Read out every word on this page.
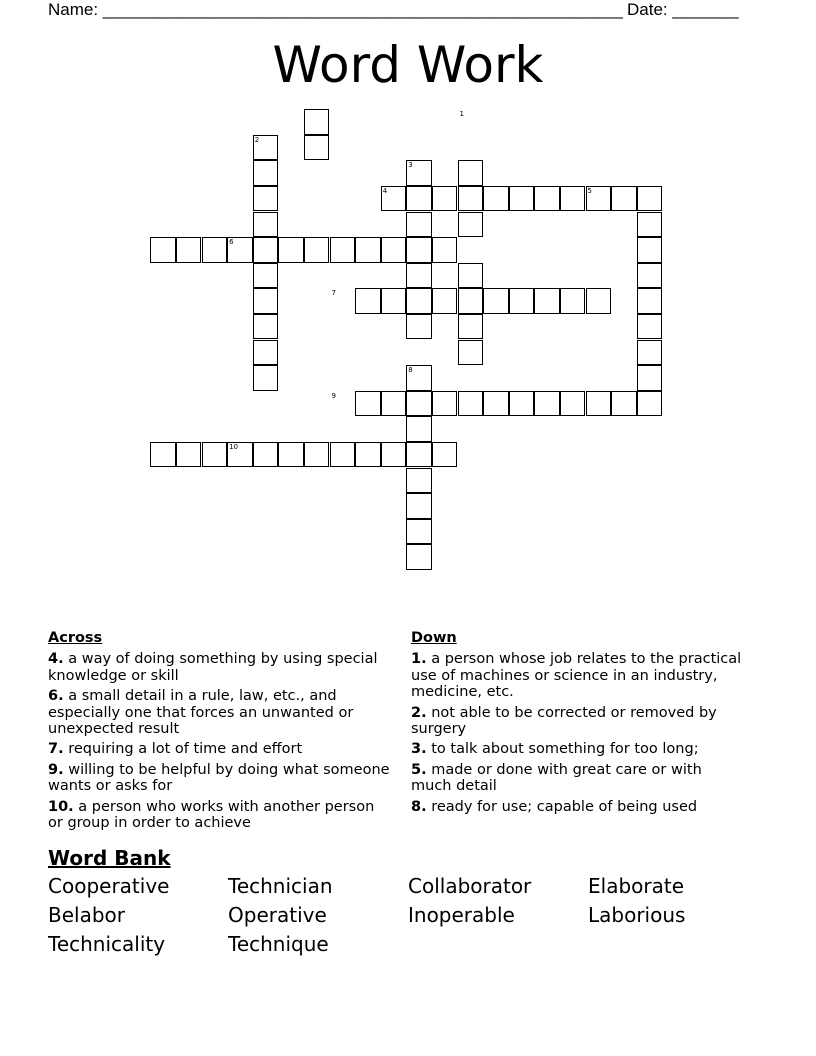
Name: _______________________________________________________ Date: _______
Word Work
1
2
3
4	5
6
7
8
9
10
Across
4. a way of doing something by using special knowledge or skill
6. a small detail in a rule, law, etc., and especially one that forces an unwanted or unexpected result
7. requiring a lot of time and effort
9. willing to be helpful by doing what someone wants or asks for
10. a person who works with another person or group in order to achieve
Down
1. a person whose job relates to the practical use of machines or science in an industry, medicine, etc.
2. not able to be corrected or removed by surgery
3. to talk about something for too long;
5. made or done with great care or with much detail
8. ready for use; capable of being used
Word Bank
Cooperative	Technician	Collaborator	Elaborate
Belabor	Operative	Inoperable	Laborious
Technicality	Technique
